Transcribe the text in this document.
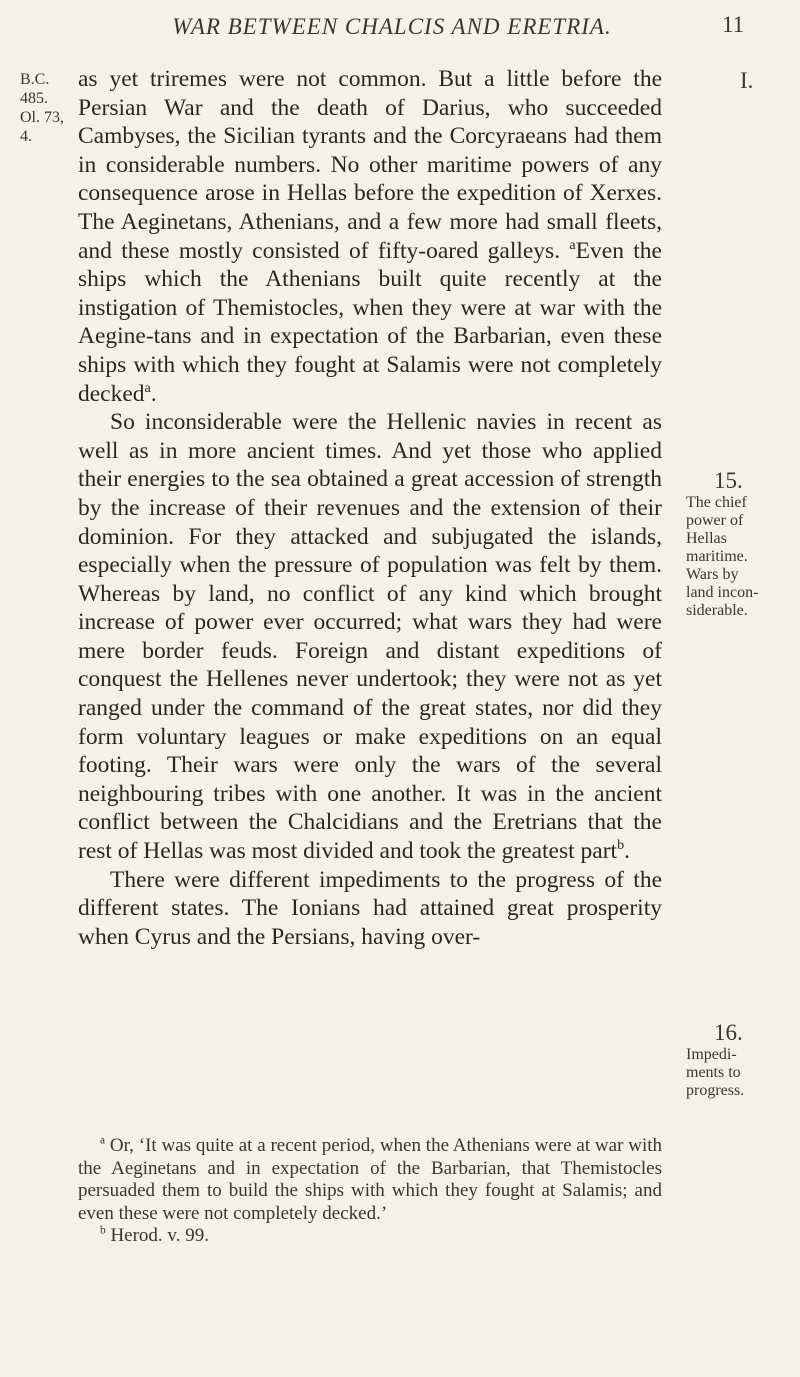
WAR BETWEEN CHALCIS AND ERETRIA.	11
I.
B.C. 485.
Ol. 73, 4.
15.
The chief
power of
Hellas
maritime.
Wars by
land incon-
siderable.
16.
Impedi-
ments to
progress.

as yet triremes were not common. But a little before the Persian War and the death of Darius, who succeeded Cambyses, the Sicilian tyrants and the Corcyraeans had them in considerable numbers. No other maritime powers of any consequence arose in Hellas before the expedition of Xerxes. The Aeginetans, Athenians, and a few more had small fleets, and these mostly consisted of fifty-oared galleys. $^a$Even the ships which the Athenians built quite recently at the instigation of Themistocles, when they were at war with the Aegine-tans and in expectation of the Barbarian, even these ships with which they fought at Salamis were not completely decked$^a$.

So inconsiderable were the Hellenic navies in recent as well as in more ancient times. And yet those who applied their energies to the sea obtained a great accession of strength by the increase of their revenues and the extension of their dominion. For they attacked and subjugated the islands, especially when the pressure of population was felt by them. Whereas by land, no conflict of any kind which brought increase of power ever occurred; what wars they had were mere border feuds. Foreign and distant expeditions of conquest the Hellenes never undertook; they were not as yet ranged under the command of the great states, nor did they form voluntary leagues or make expeditions on an equal footing. Their wars were only the wars of the several neighbouring tribes with one another. It was in the ancient conflict between the Chalcidians and the Eretrians that the rest of Hellas was most divided and took the greatest part$^b$.

There were different impediments to the progress of the different states. The Ionians had attained great prosperity when Cyrus and the Persians, having over-

$^a$ Or, ‘It was quite at a recent period, when the Athenians were at war with the Aeginetans and in expectation of the Barbarian, that Themistocles persuaded them to build the ships with which they fought at Salamis; and even these were not completely decked.’

$^b$ Herod. v. 99.
